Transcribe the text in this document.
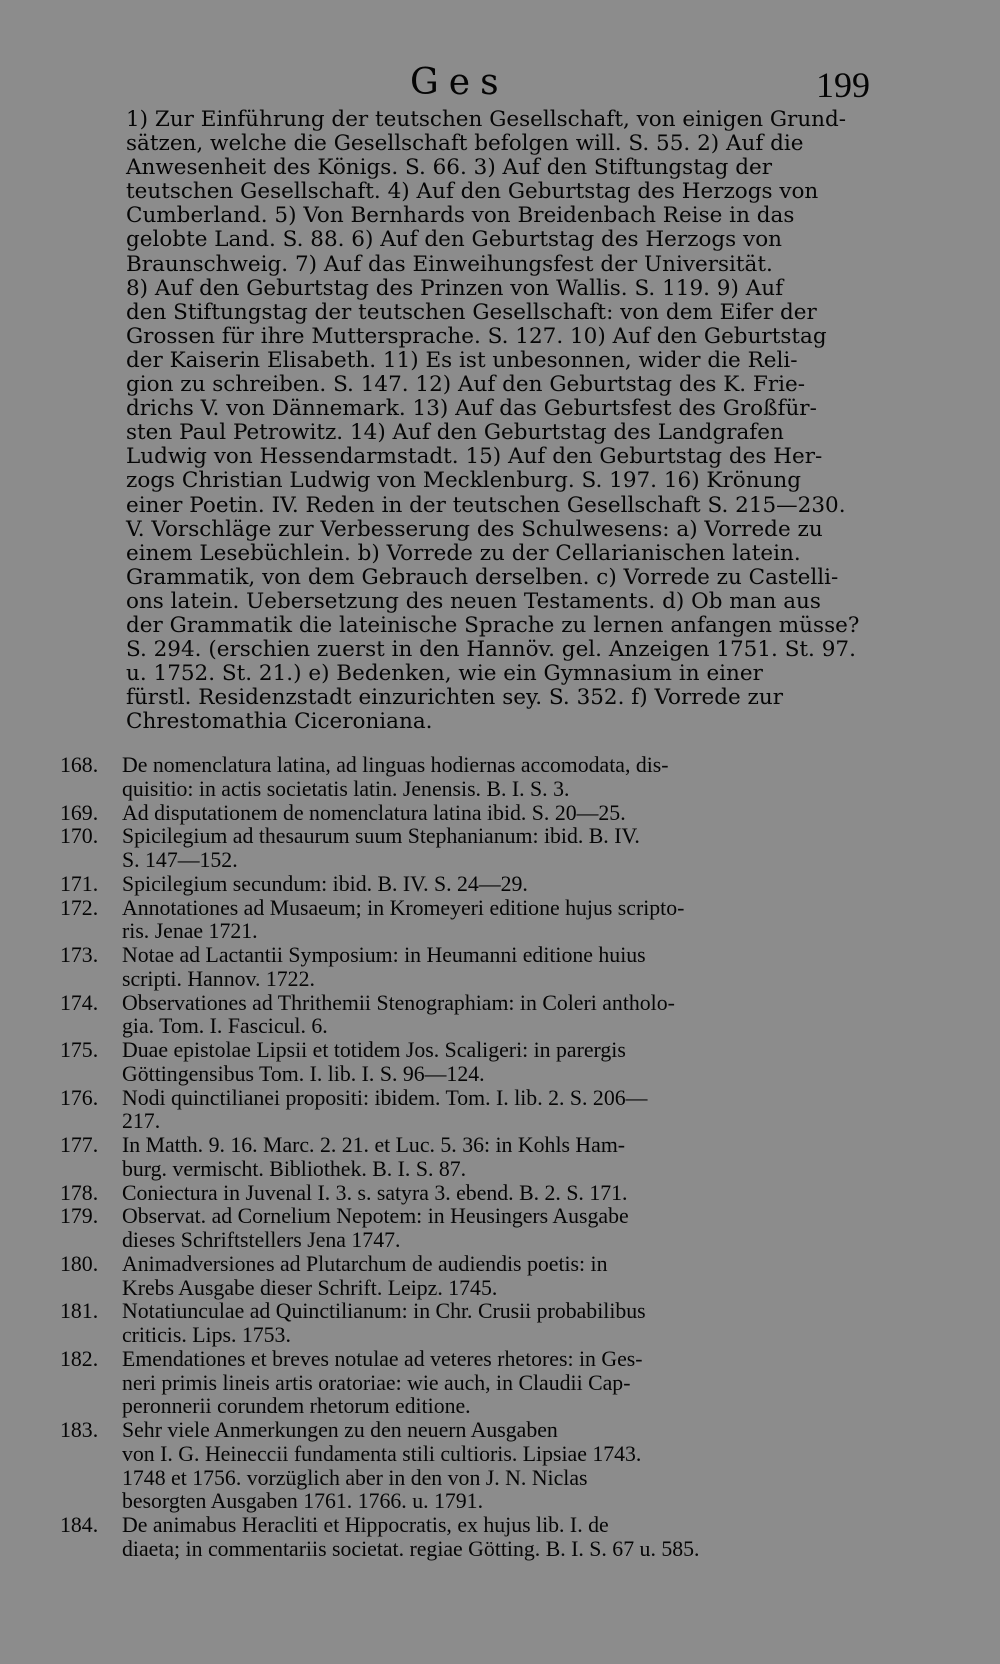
Ges	199

1) Zur Einführung der teutschen Gesellschaft, von einigen Grund-

sätzen, welche die Gesellschaft befolgen will. S. 55. 2) Auf die

Anwesenheit des Königs. S. 66. 3) Auf den Stiftungstag der

teutschen Gesellschaft. 4) Auf den Geburtstag des Herzogs von

Cumberland. 5) Von Bernhards von Breidenbach Reise in das

gelobte Land. S. 88. 6) Auf den Geburtstag des Herzogs von

Braunschweig. 7) Auf das Einweihungsfest der Universität.

8) Auf den Geburtstag des Prinzen von Wallis. S. 119. 9) Auf

den Stiftungstag der teutschen Gesellschaft: von dem Eifer der

Grossen für ihre Muttersprache. S. 127. 10) Auf den Geburtstag

der Kaiserin Elisabeth. 11) Es ist unbesonnen, wider die Reli-

gion zu schreiben. S. 147. 12) Auf den Geburtstag des K. Frie-

drichs V. von Dännemark. 13) Auf das Geburtsfest des Großfür-

sten Paul Petrowitz. 14) Auf den Geburtstag des Landgrafen

Ludwig von Hessendarmstadt. 15) Auf den Geburtstag des Her-

zogs Christian Ludwig von Mecklenburg. S. 197. 16) Krönung

einer Poetin. IV. Reden in der teutschen Gesellschaft S. 215—230.

V. Vorschläge zur Verbesserung des Schulwesens: a) Vorrede zu

einem Lesebüchlein. b) Vorrede zu der Cellarianischen latein.

Grammatik, von dem Gebrauch derselben. c) Vorrede zu Castelli-

ons latein. Uebersetzung des neuen Testaments. d) Ob man aus

der Grammatik die lateinische Sprache zu lernen anfangen müsse?

S. 294. (erschien zuerst in den Hannöv. gel. Anzeigen 1751. St. 97.

u. 1752. St. 21.) e) Bedenken, wie ein Gymnasium in einer

fürstl. Residenzstadt einzurichten sey. S. 352. f) Vorrede zur

Chrestomathia Ciceroniana.

168.	De nomenclatura latina, ad linguas hodiernas accomodata, dis-
quisitio: in actis societatis latin. Jenensis. B. I. S. 3.
169.	Ad disputationem de nomenclatura latina ibid. S. 20—25.
170.	Spicilegium ad thesaurum suum Stephanianum: ibid. B. IV.
S. 147—152.
171.	Spicilegium secundum: ibid. B. IV. S. 24—29.
172.	Annotationes ad Musaeum; in Kromeyeri editione hujus scripto-
ris. Jenae 1721.
173.	Notae ad Lactantii Symposium: in Heumanni editione huius
scripti. Hannov. 1722.
174.	Observationes ad Thrithemii Stenographiam: in Coleri antholo-
gia. Tom. I. Fascicul. 6.
175.	Duae epistolae Lipsii et totidem Jos. Scaligeri: in parergis
Göttingensibus Tom. I. lib. I. S. 96—124.
176.	Nodi quinctilianei propositi: ibidem. Tom. I. lib. 2. S. 206—
217.
177.	In Matth. 9. 16. Marc. 2. 21. et Luc. 5. 36: in Kohls Ham-
burg. vermischt. Bibliothek. B. I. S. 87.
178.	Coniectura in Juvenal I. 3. s. satyra 3. ebend. B. 2. S. 171.
179.	Observat. ad Cornelium Nepotem: in Heusingers Ausgabe
dieses Schriftstellers Jena 1747.
180.	Animadversiones ad Plutarchum de audiendis poetis: in
Krebs Ausgabe dieser Schrift. Leipz. 1745.
181.	Notatiunculae ad Quinctilianum: in Chr. Crusii probabilibus
criticis. Lips. 1753.
182.	Emendationes et breves notulae ad veteres rhetores: in Ges-
neri primis lineis artis oratoriae: wie auch, in Claudii Cap-
peronnerii corundem rhetorum editione.
183.	Sehr viele Anmerkungen zu den neuern Ausgaben
von I. G. Heineccii fundamenta stili cultioris. Lipsiae 1743.
1748 et 1756. vorzüglich aber in den von J. N. Niclas
besorgten Ausgaben 1761. 1766. u. 1791.
184.	De animabus Heracliti et Hippocratis, ex hujus lib. I. de
diaeta; in commentariis societat. regiae Götting. B. I. S. 67 u. 585.
